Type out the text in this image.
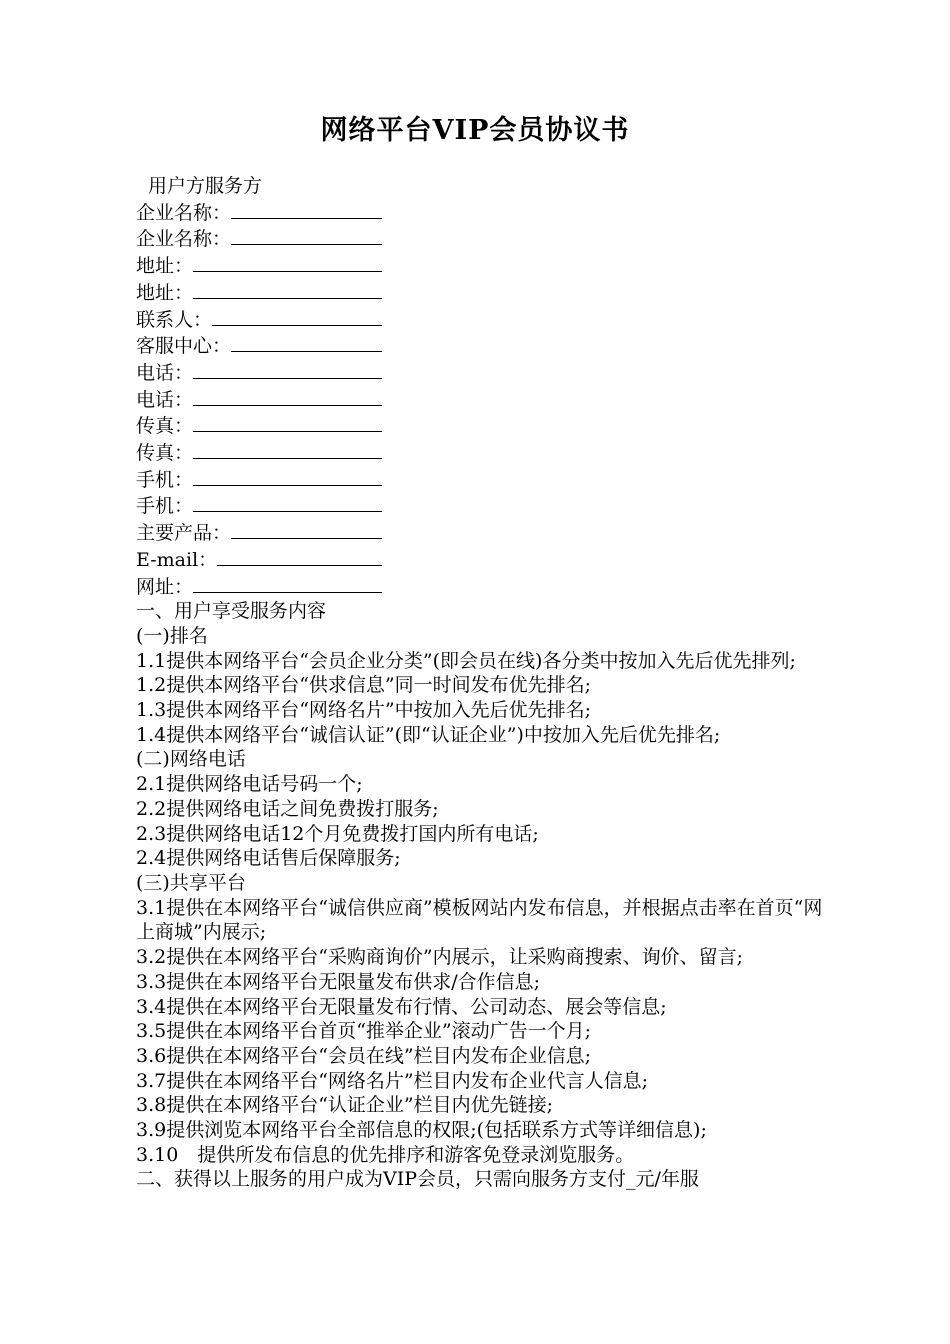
网络平台VIP会员协议书
用户方服务方
企业名称：
企业名称：
地址：
地址：
联系人：
客服中心：
电话：
电话：
传真：
传真：
手机：
手机：
主要产品：
E-mail：
网址：
一、用户享受服务内容
(一)排名
1.1提供本网络平台“会员企业分类”(即会员在线)各分类中按加入先后优先排列;
1.2提供本网络平台“供求信息”同一时间发布优先排名;
1.3提供本网络平台“网络名片”中按加入先后优先排名;
1.4提供本网络平台“诚信认证”(即“认证企业”)中按加入先后优先排名;
(二)网络电话
2.1提供网络电话号码一个;
2.2提供网络电话之间免费拨打服务;
2.3提供网络电话12个月免费拨打国内所有电话;
2.4提供网络电话售后保障服务;
(三)共享平台
3.1提供在本网络平台“诚信供应商”模板网站内发布信息，并根据点击率在首页“网上商城”内展示;
3.2提供在本网络平台“采购商询价”内展示，让采购商搜索、询价、留言;
3.3提供在本网络平台无限量发布供求/合作信息;
3.4提供在本网络平台无限量发布行情、公司动态、展会等信息;
3.5提供在本网络平台首页“推举企业”滚动广告一个月;
3.6提供在本网络平台“会员在线”栏目内发布企业信息;
3.7提供在本网络平台“网络名片”栏目内发布企业代言人信息;
3.8提供在本网络平台“认证企业”栏目内优先链接;
3.9提供浏览本网络平台全部信息的权限;(包括联系方式等详细信息);
3.10　提供所发布信息的优先排序和游客免登录浏览服务。
二、获得以上服务的用户成为VIP会员，只需向服务方支付_元/年服
